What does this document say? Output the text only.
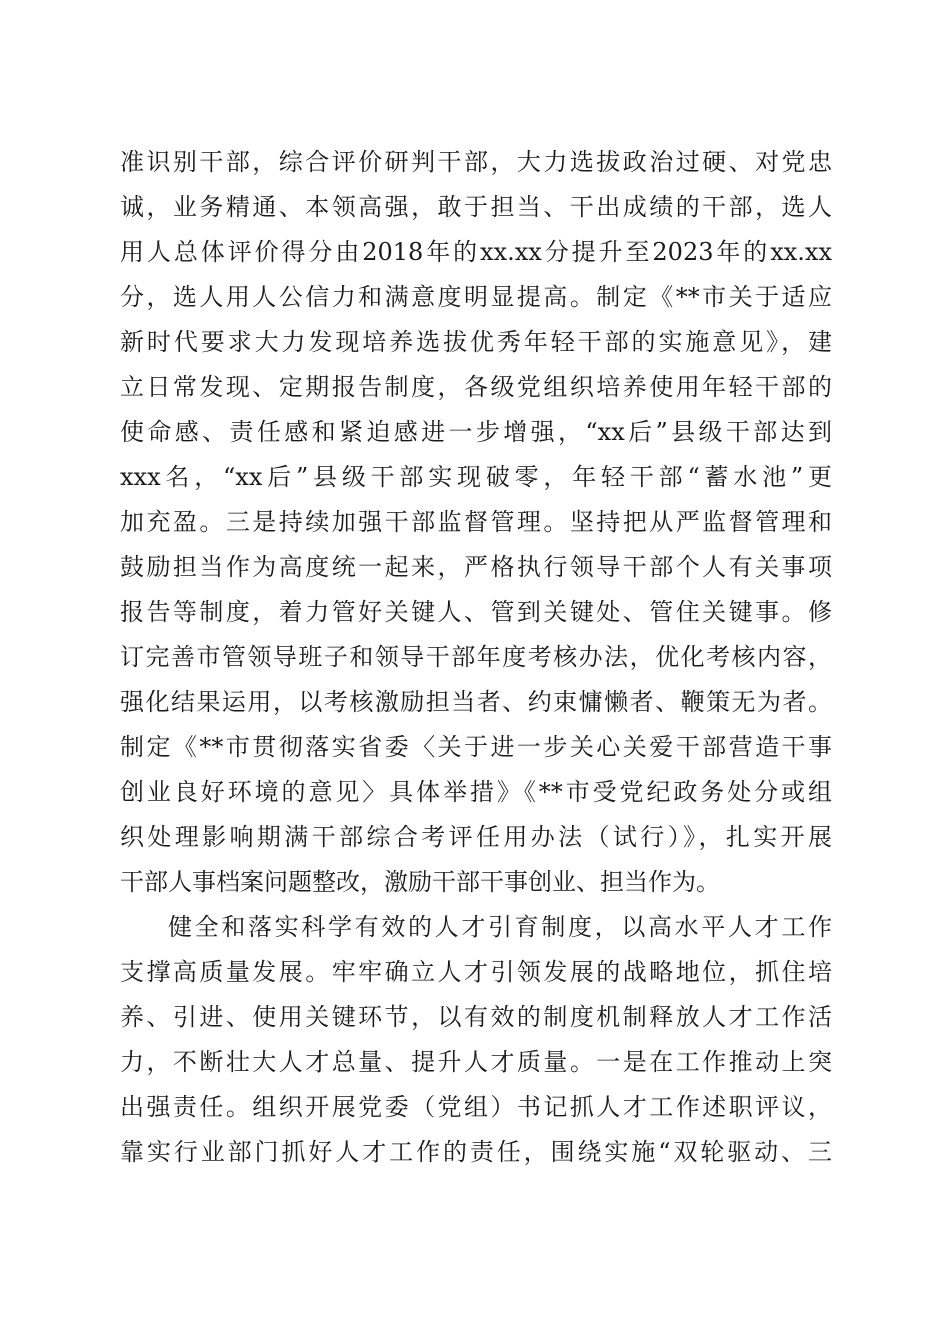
准识别干部，综合评价研判干部，大力选拔政治过硬、对党忠
诚，业务精通、本领高强，敢于担当、干出成绩的干部，选人
用人总体评价得分由2018年的xx.xx分提升至2023年的xx.xx
分，选人用人公信力和满意度明显提高。制定《**市关于适应
新时代要求大力发现培养选拔优秀年轻干部的实施意见》，建
立日常发现、定期报告制度，各级党组织培养使用年轻干部的
使命感、责任感和紧迫感进一步增强，“xx后”县级干部达到
xxx名，“xx后”县级干部实现破零，年轻干部“蓄水池”更
加充盈。三是持续加强干部监督管理。坚持把从严监督管理和
鼓励担当作为高度统一起来，严格执行领导干部个人有关事项
报告等制度，着力管好关键人、管到关键处、管住关键事。修
订完善市管领导班子和领导干部年度考核办法，优化考核内容，
强化结果运用，以考核激励担当者、约束慵懒者、鞭策无为者。
制定《**市贯彻落实省委〈关于进一步关心关爱干部营造干事
创业良好环境的意见〉具体举措》《**市受党纪政务处分或组
织处理影响期满干部综合考评任用办法（试行）》，扎实开展
干部人事档案问题整改，激励干部干事创业、担当作为。
健全和落实科学有效的人才引育制度，以高水平人才工作
支撑高质量发展。牢牢确立人才引领发展的战略地位，抓住培
养、引进、使用关键环节，以有效的制度机制释放人才工作活
力，不断壮大人才总量、提升人才质量。一是在工作推动上突
出强责任。组织开展党委（党组）书记抓人才工作述职评议，
靠实行业部门抓好人才工作的责任，围绕实施“双轮驱动、三
